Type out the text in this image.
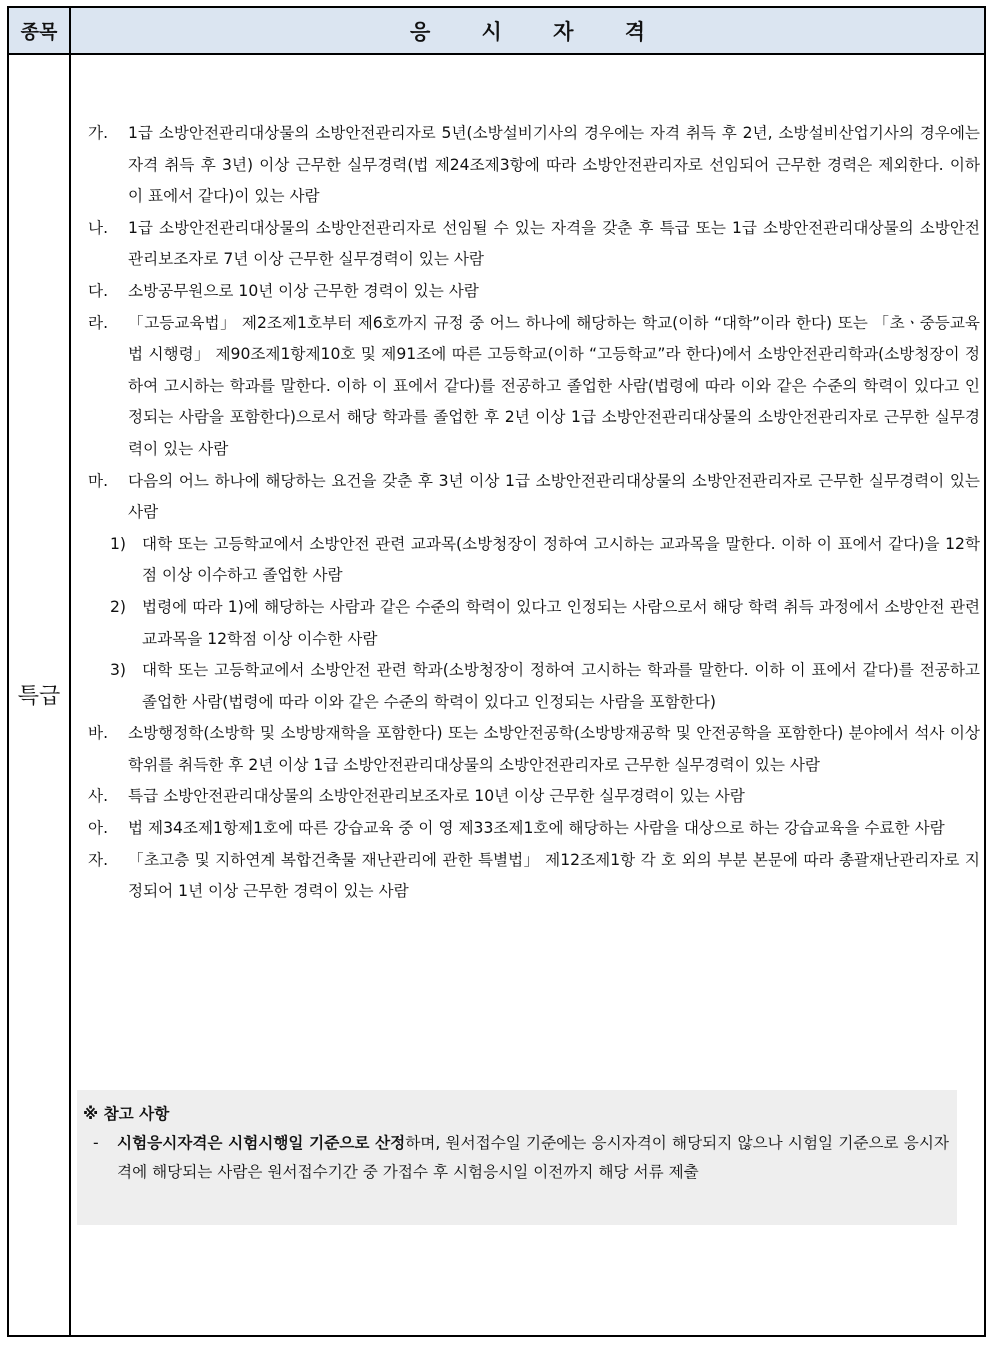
종목	응 시 자 격
특급
가.	1급 소방안전관리대상물의 소방안전관리자로 5년(소방설비기사의 경우에는 자격 취득 후 2년, 소방설비산업기사의 경우에는 자격 취득 후 3년) 이상 근무한 실무경력(법 제24조제3항에 따라 소방안전관리자로 선임되어 근무한 경력은 제외한다. 이하 이 표에서 같다)이 있는 사람
나.	1급 소방안전관리대상물의 소방안전관리자로 선임될 수 있는 자격을 갖춘 후 특급 또는 1급 소방안전관리대상물의 소방안전관리보조자로 7년 이상 근무한 실무경력이 있는 사람
다.	소방공무원으로 10년 이상 근무한 경력이 있는 사람
라.	「고등교육법」 제2조제1호부터 제6호까지 규정 중 어느 하나에 해당하는 학교(이하 “대학”이라 한다) 또는 「초ㆍ중등교육법 시행령」 제90조제1항제10호 및 제91조에 따른 고등학교(이하 “고등학교”라 한다)에서 소방안전관리학과(소방청장이 정하여 고시하는 학과를 말한다. 이하 이 표에서 같다)를 전공하고 졸업한 사람(법령에 따라 이와 같은 수준의 학력이 있다고 인정되는 사람을 포함한다)으로서 해당 학과를 졸업한 후 2년 이상 1급 소방안전관리대상물의 소방안전관리자로 근무한 실무경력이 있는 사람
마.	다음의 어느 하나에 해당하는 요건을 갖춘 후 3년 이상 1급 소방안전관리대상물의 소방안전관리자로 근무한 실무경력이 있는 사람
1)	대학 또는 고등학교에서 소방안전 관련 교과목(소방청장이 정하여 고시하는 교과목을 말한다. 이하 이 표에서 같다)을 12학점 이상 이수하고 졸업한 사람
2)	법령에 따라 1)에 해당하는 사람과 같은 수준의 학력이 있다고 인정되는 사람으로서 해당 학력 취득 과정에서 소방안전 관련 교과목을 12학점 이상 이수한 사람
3)	대학 또는 고등학교에서 소방안전 관련 학과(소방청장이 정하여 고시하는 학과를 말한다. 이하 이 표에서 같다)를 전공하고 졸업한 사람(법령에 따라 이와 같은 수준의 학력이 있다고 인정되는 사람을 포함한다)
바.	소방행정학(소방학 및 소방방재학을 포함한다) 또는 소방안전공학(소방방재공학 및 안전공학을 포함한다) 분야에서 석사 이상 학위를 취득한 후 2년 이상 1급 소방안전관리대상물의 소방안전관리자로 근무한 실무경력이 있는 사람
사.	특급 소방안전관리대상물의 소방안전관리보조자로 10년 이상 근무한 실무경력이 있는 사람
아.	법 제34조제1항제1호에 따른 강습교육 중 이 영 제33조제1호에 해당하는 사람을 대상으로 하는 강습교육을 수료한 사람
자.	「초고층 및 지하연계 복합건축물 재난관리에 관한 특별법」 제12조제1항 각 호 외의 부분 본문에 따라 총괄재난관리자로 지정되어 1년 이상 근무한 경력이 있는 사람
※ 참고 사항
-	시험응시자격은 시험시행일 기준으로 산정하며, 원서접수일 기준에는 응시자격이 해당되지 않으나 시험일 기준으로 응시자격에 해당되는 사람은 원서접수기간 중 가접수 후 시험응시일 이전까지 해당 서류 제출
